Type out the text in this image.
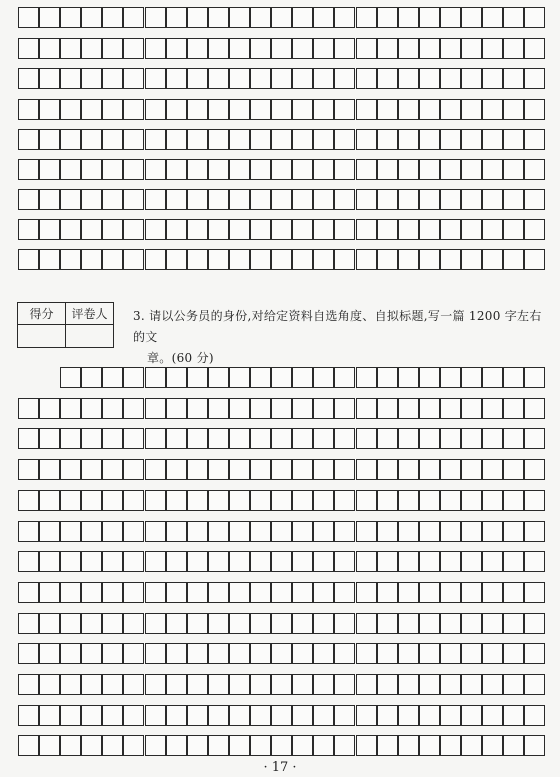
得分	评卷人
	3. 请以公务员的身份,对给定资料自选角度、自拟标题,写一篇 1200 字左右的文
章。(60 分)
· 17 ·
